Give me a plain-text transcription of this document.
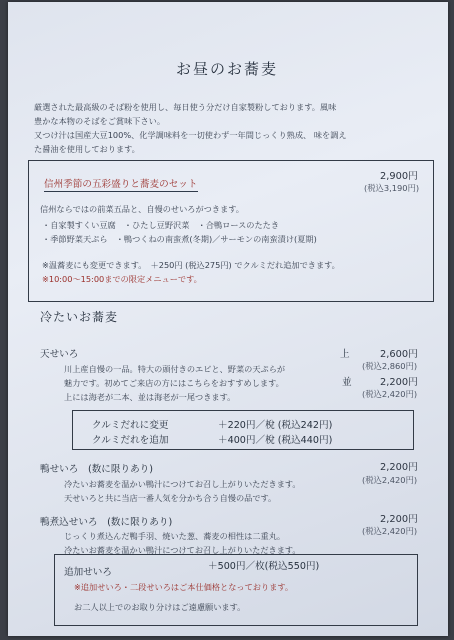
お昼のお蕎麦
厳選された最高級のそば粉を使用し、毎日使う分だけ自家製粉しております。風味
豊かな本物のそばをご賞味下さい。
又つけ汁は国産大豆100%、化学調味料を一切使わず一年間じっくり熟成、 味を調え
た醤油を使用しております。
信州季節の五彩盛りと蕎麦のセット
2,900円
(税込3,190円)
信州ならではの前菜五品と、自慢のせいろがつきます。
・自家製すくい豆腐　・ひたし豆野沢菜　・合鴨ロースのたたき
・季節野菜天ぷら　・鴨つくねの南蛮煮(冬期)／サーモンの南蛮漬け(夏期)
※温蕎麦にも変更できます。　＋250円 (税込275円) でクルミだれ追加できます。
※10:00〜15:00までの限定メニューです。
冷たいお蕎麦
天せいろ
川上産自慢の一品。特大の頭付きのエビと、野菜の天ぷらが
魅力です。初めてご来店の方にはこちらをおすすめします。
上には海老が二本、並は海老が一尾つきます。
上	2,600円
(税込2,860円)
並	2,200円
(税込2,420円)
クルミだれに変更	＋220円／梲 (税込242円)
クルミだれを追加	＋400円／梲 (税込440円)
鴨せいろ　(数に限りあり)	2,200円
(税込2,420円)
冷たいお蕎麦を温かい鴨汁につけてお召し上がりいただきます。
天せいろと共に当店一番人気を分かち合う自慢の品です。
鴨煮込せいろ　(数に限りあり)	2,200円
(税込2,420円)
じっくり煮込んだ鴨手羽、焼いた葱、蕎麦の相性は二重丸。
冷たいお蕎麦を温かい鴨汁につけてお召し上がりいただきます。
追加せいろ
＋500円／枚(税込550円)
※追加せいろ・二段せいろはご本仕価格となっております。
お二人以上でのお取り分けはご遠慮願います。
